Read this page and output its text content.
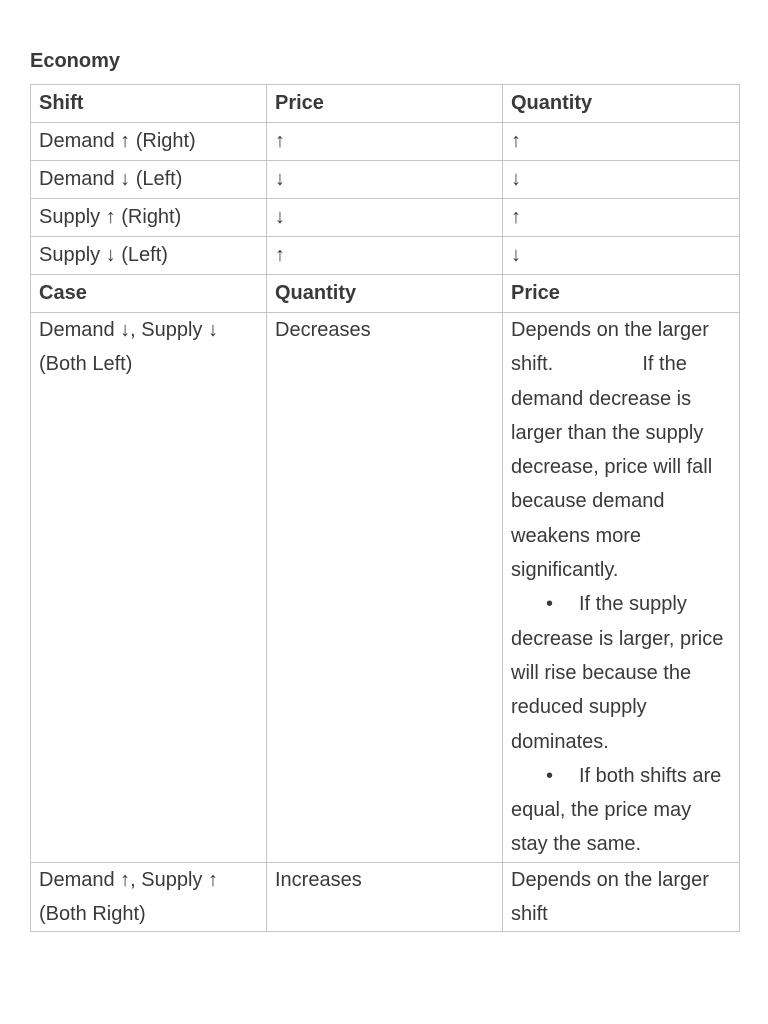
Economy
Shift	Price	Quantity
Demand ↑ (Right)	↑	↑
Demand ↓ (Left)	↓	↓
Supply ↑ (Right)	↓	↑
Supply ↓ (Left)	↑	↓
Case	Quantity	Price
Demand ↓, Supply ↓ (Both Left)	Decreases	Depends on the larger shift. If the demand decrease is larger than the supply decrease, price will fall because demand weakens more significantly.
• If the supply decrease is larger, price will rise because the reduced supply dominates.
• If both shifts are equal, the price may stay the same.

Demand ↑, Supply ↑ (Both Right)	Increases	Depends on the larger shift
